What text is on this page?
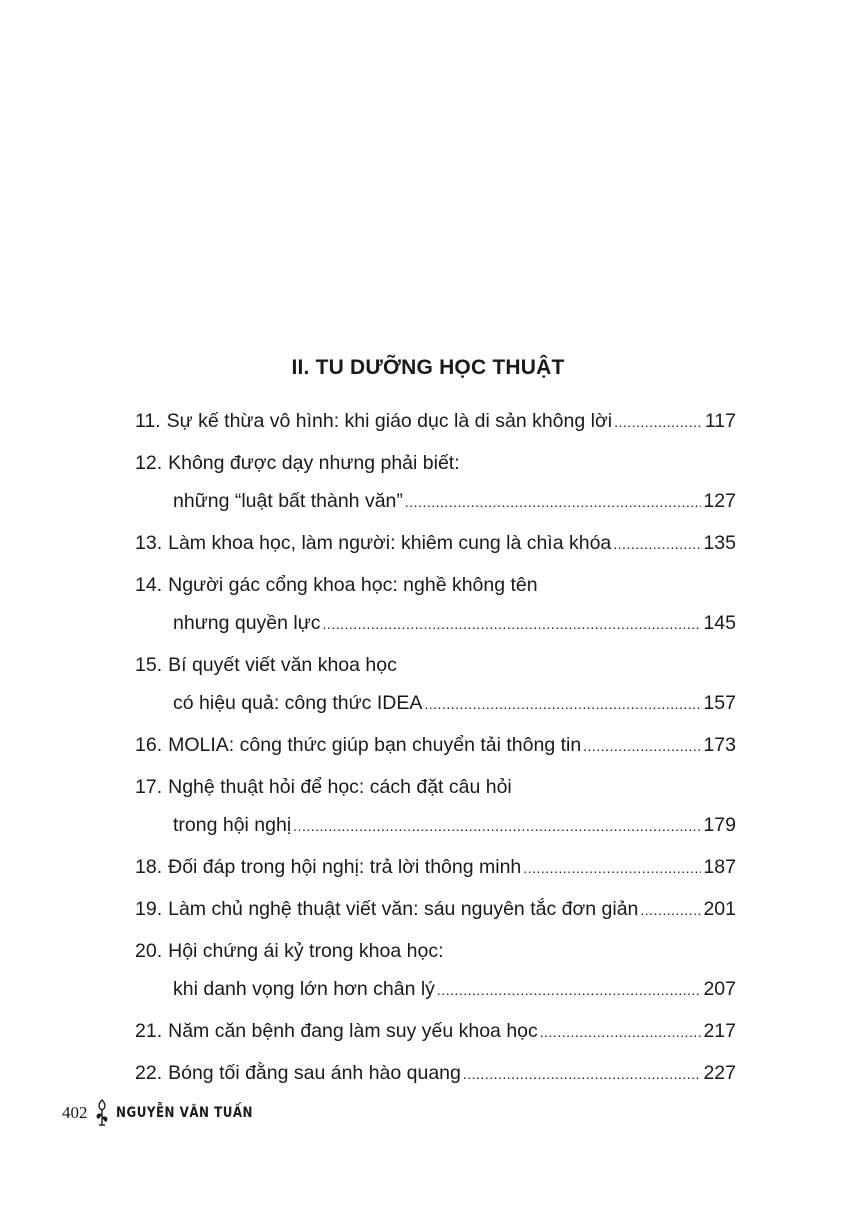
II. TU DƯỠNG HỌC THUẬT
11. Sự kế thừa vô hình: khi giáo dục là di sản không lời .....	117
12. Không được dạy nhưng phải biết:
những “luật bất thành văn” .....	127
13. Làm khoa học, làm người: khiêm cung là chìa khóa .....	135
14. Người gác cổng khoa học: nghề không tên
nhưng quyền lực .....	145
15. Bí quyết viết văn khoa học
có hiệu quả: công thức IDEA .....	157
16. MOLIA: công thức giúp bạn chuyển tải thông tin .....	173
17. Nghệ thuật hỏi để học: cách đặt câu hỏi
trong hội nghị .....	179
18. Đối đáp trong hội nghị: trả lời thông minh .....	187
19. Làm chủ nghệ thuật viết văn: sáu nguyên tắc đơn giản .....	201
20. Hội chứng ái kỷ trong khoa học:
khi danh vọng lớn hơn chân lý .....	207
21. Năm căn bệnh đang làm suy yếu khoa học .....	217
22. Bóng tối đằng sau ánh hào quang .....	227
402 NGUYỄN VĂN TUẤN
